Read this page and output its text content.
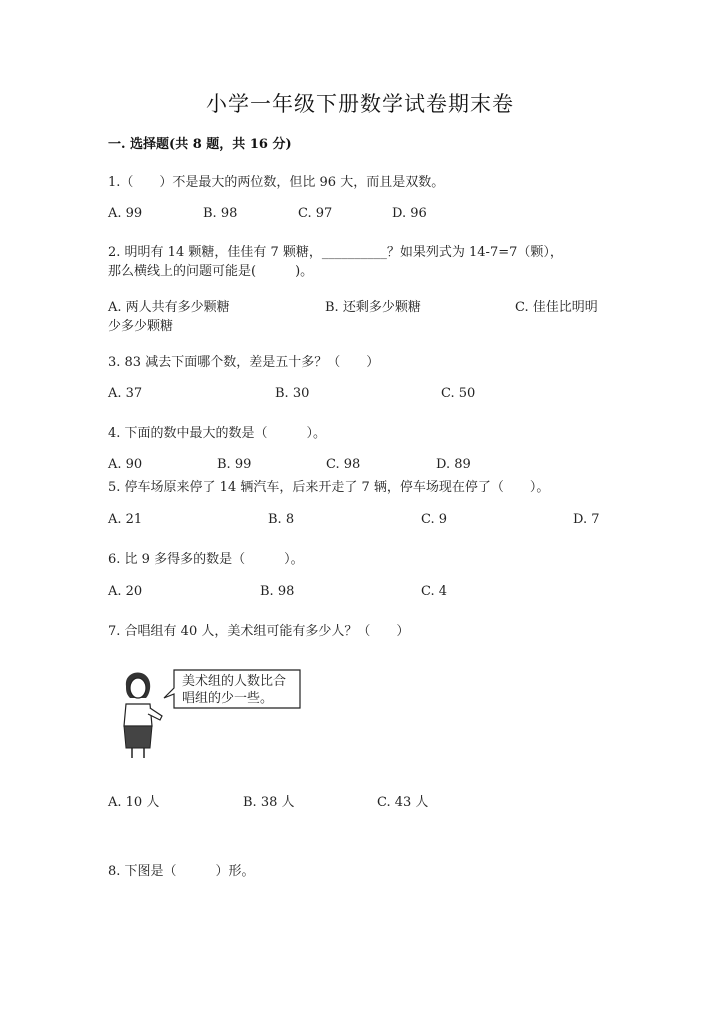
小学一年级下册数学试卷期末卷
一. 选择题(共 8 题，共 16 分)
1.（　　）不是最大的两位数，但比 96 大，而且是双数。
A. 99	B. 98	C. 97	D. 96
2. 明明有 14 颗糖，佳佳有 7 颗糖，__________？如果列式为 14-7=7（颗），
那么横线上的问题可能是(　　　)。
A. 两人共有多少颗糖	B. 还剩多少颗糖	C. 佳佳比明明
少多少颗糖
3. 83 减去下面哪个数，差是五十多？（　　）
A. 37	B. 30	C. 50
4. 下面的数中最大的数是（　　　）。
A. 90	B. 99	C. 98	D. 89
5. 停车场原来停了 14 辆汽车，后来开走了 7 辆，停车场现在停了（　　）。
A. 21	B. 8	C. 9	D. 7
6. 比 9 多得多的数是（　　　）。
A. 20	B. 98	C. 4
7. 合唱组有 40 人，美术组可能有多少人？（　　）
美术组的人数比合
唱组的少一些。
A. 10 人	B. 38 人	C. 43 人
8. 下图是（　　　）形。
